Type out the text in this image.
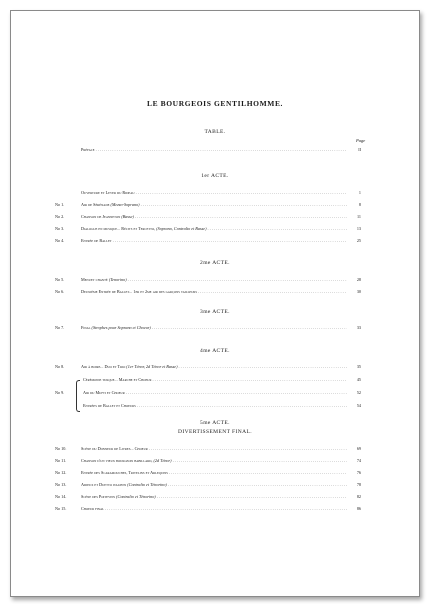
LE BOURGEOIS GENTILHOMME.
TABLE.
Page
1er ACTE.
2me ACTE.
3me ACTE.
4me ACTE.
5me ACTE.
DIVERTISSEMENT FINAL.
Préface . . .	II
Ouverture et Lever du Rideau . . .	1
No 1.	Air de Sérénade (Mezzo-Soprano) . . .	8
No 2.	Chanson de Jeanneton (Basse) . . .	11
No 3.	Dialogue en musique... Récits et Tercetto, (Soprano, Contralto et Basse) . . .	13
No 4.	Entrée de Ballet . . .	25
No 5.	Menuet chanté (Tenorino) . . .	28
No 6.	Deuxième Entrée de Ballet... 1er et 2me air des garçons tailleurs . . .	30
No 7.	Final (Strophes pour Soprano et Choeur) . . .	33
No 8.	Air à boire... Duo et Trio (1er Ténor, 2d Ténor et Basse) . . .	35
Cérémonie turque... Marche et Choeur . . .	45
No 9.	Air du Mufti et Choeur . . .	52
Entrées de Ballet et Choeurs . . .	54
No 10.	Scène du Donneur de Livres... Choeur . . .	69
No 11.	Chanson d'un vieux bourgeois babillard, (2d Ténor) . . .	74
No 12.	Entrée des Scaramouches, Trivelins et Arlequins . . .	76
No 13.	Adieux et Duetto italiens (Contralto et Ténorino) . . .	78
No 14.	Scène des Poitevins (Contralto et Ténorino) . . .	82
No 15.	Choeur final . . .	86
